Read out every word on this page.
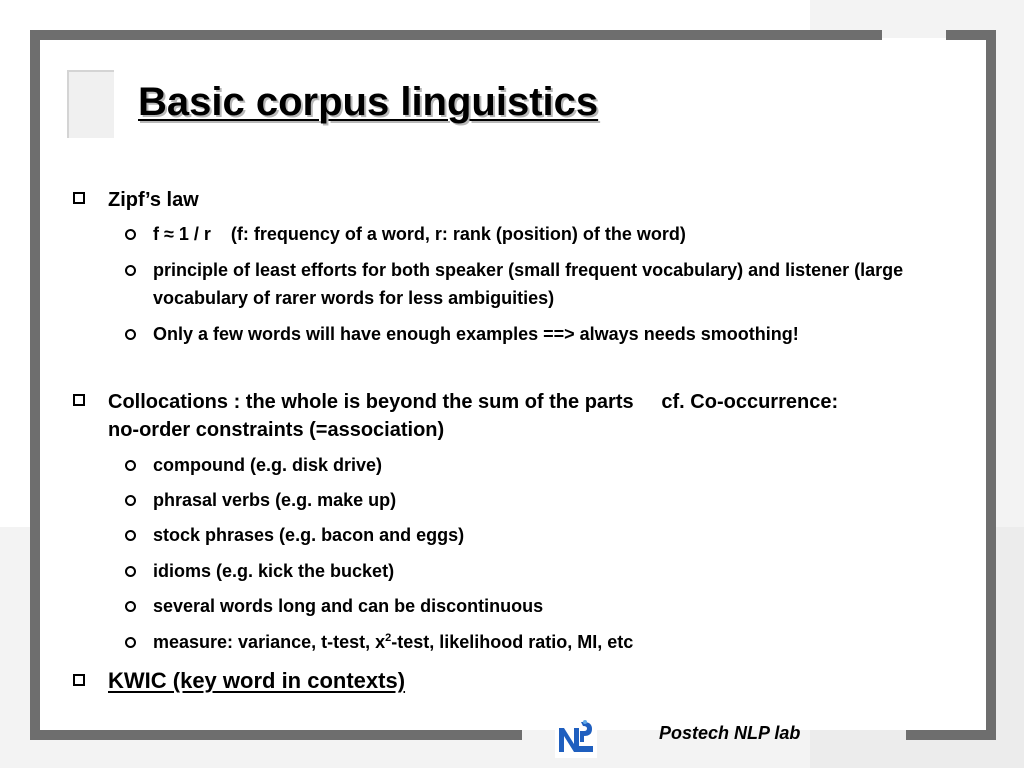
Basic corpus linguistics
Zipf’s law
f ≈ 1 / r    (f: frequency of a word, r: rank (position) of the word)
principle of least efforts for both speaker (small frequent vocabulary) and listener (large vocabulary of rarer words for less ambiguities)
Only a few words will have enough examples ==> always needs smoothing!
Collocations : the whole is beyond the sum of the parts     cf. Co-occurrence:  no-order constraints (=association)
compound (e.g. disk drive)
phrasal verbs (e.g. make up)
stock phrases (e.g. bacon and eggs)
idioms (e.g. kick the bucket)
several words long and can be discontinuous
measure: variance, t-test, $x^2$-test, likelihood ratio, MI, etc
KWIC (key word in contexts)
Postech NLP lab
